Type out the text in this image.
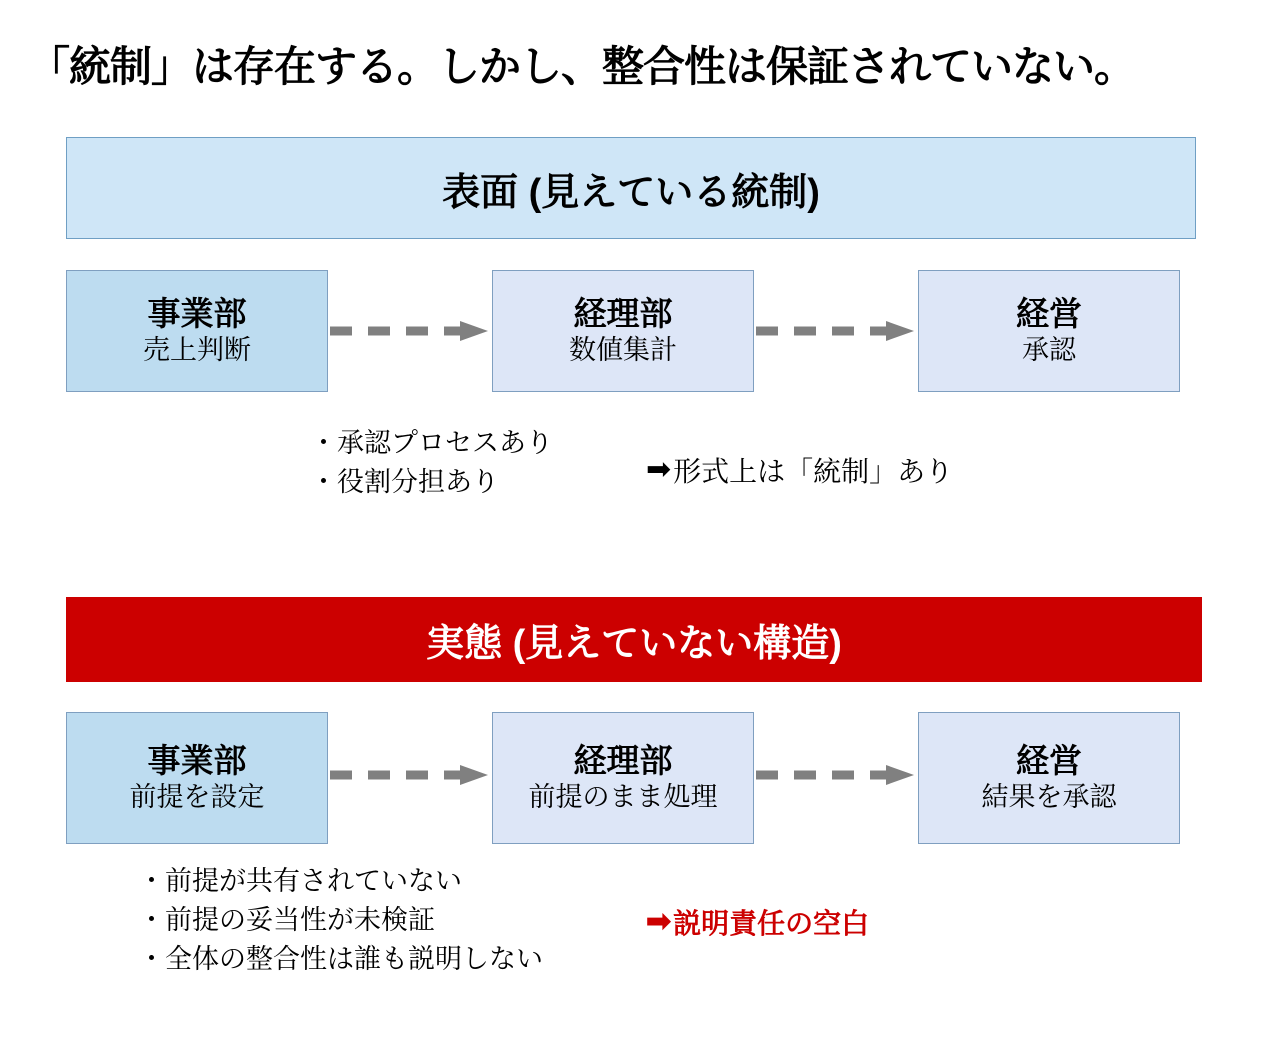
「統制」は存在する。しかし、整合性は保証されていない。
表面 (見えている統制)
事業部
売上判断
経理部
数値集計
経営
承認
・承認プロセスあり
・役割分担あり	➡ 形式上は「統制」あり
実態 (見えていない構造)
事業部
前提を設定
経理部
前提のまま処理
経営
結果を承認
・前提が共有されていない
・前提の妥当性が未検証
・全体の整合性は誰も説明しない
➡ 説明責任の空白
